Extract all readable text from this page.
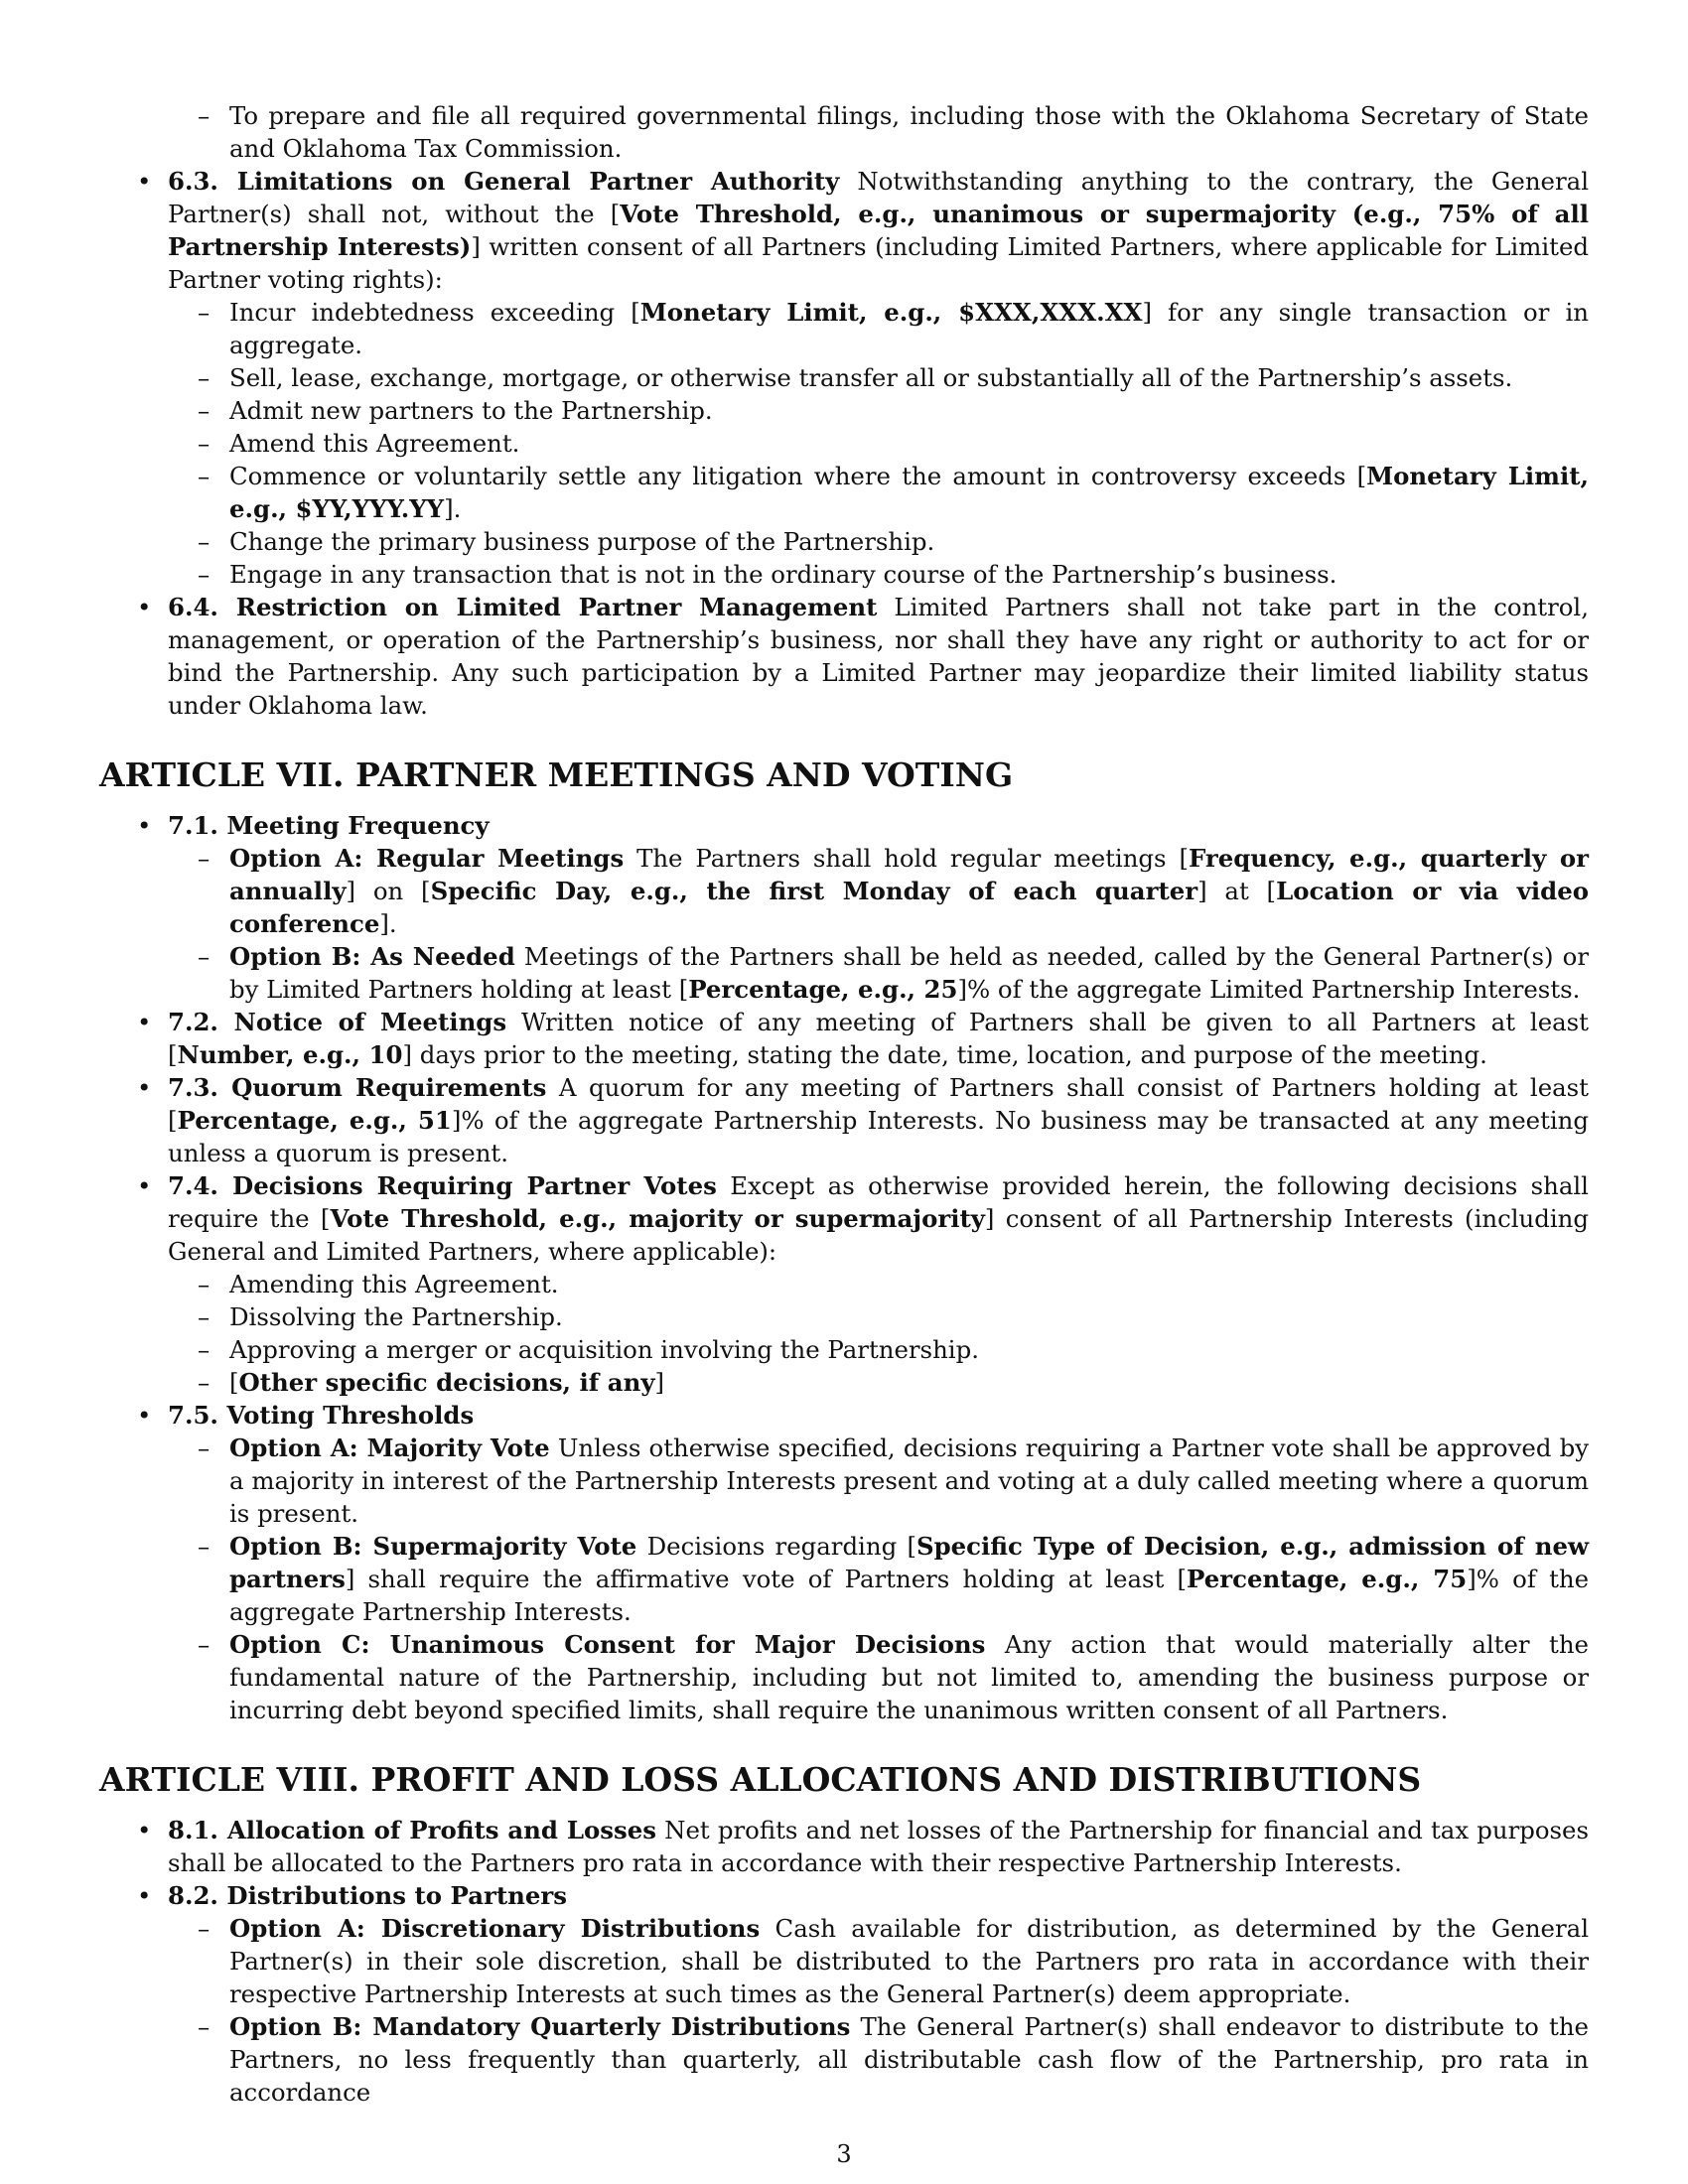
– To prepare and file all required governmental filings, including those with the Oklahoma Secretary of State and Oklahoma Tax Commission.
• 6.3. Limitations on General Partner Authority Notwithstanding anything to the contrary, the General Partner(s) shall not, without the [Vote Threshold, e.g., unanimous or supermajority (e.g., 75% of all Partnership Interests)] written consent of all Partners (including Limited Partners, where applicable for Limited Partner voting rights):
– Incur indebtedness exceeding [Monetary Limit, e.g., $XXX,XXX.XX] for any single transaction or in aggregate.
– Sell, lease, exchange, mortgage, or otherwise transfer all or substantially all of the Partnership’s assets.
– Admit new partners to the Partnership.
– Amend this Agreement.
– Commence or voluntarily settle any litigation where the amount in controversy exceeds [Monetary Limit, e.g., $YY,YYY.YY].
– Change the primary business purpose of the Partnership.
– Engage in any transaction that is not in the ordinary course of the Partnership’s business.
• 6.4. Restriction on Limited Partner Management Limited Partners shall not take part in the control, management, or operation of the Partnership’s business, nor shall they have any right or authority to act for or bind the Partnership. Any such participation by a Limited Partner may jeopardize their limited liability status under Oklahoma law.
ARTICLE VII. PARTNER MEETINGS AND VOTING
• 7.1. Meeting Frequency
– Option A: Regular Meetings The Partners shall hold regular meetings [Frequency, e.g., quarterly or annually] on [Specific Day, e.g., the first Monday of each quarter] at [Location or via video conference].
– Option B: As Needed Meetings of the Partners shall be held as needed, called by the General Partner(s) or by Limited Partners holding at least [Percentage, e.g., 25]% of the aggregate Limited Partnership Interests.
• 7.2. Notice of Meetings Written notice of any meeting of Partners shall be given to all Partners at least [Number, e.g., 10] days prior to the meeting, stating the date, time, location, and purpose of the meeting.
• 7.3. Quorum Requirements A quorum for any meeting of Partners shall consist of Partners holding at least [Percentage, e.g., 51]% of the aggregate Partnership Interests. No business may be transacted at any meeting unless a quorum is present.
• 7.4. Decisions Requiring Partner Votes Except as otherwise provided herein, the following decisions shall require the [Vote Threshold, e.g., majority or supermajority] consent of all Partnership Interests (including General and Limited Partners, where applicable):
– Amending this Agreement.
– Dissolving the Partnership.
– Approving a merger or acquisition involving the Partnership.
– [Other specific decisions, if any]
• 7.5. Voting Thresholds
– Option A: Majority Vote Unless otherwise specified, decisions requiring a Partner vote shall be approved by a majority in interest of the Partnership Interests present and voting at a duly called meeting where a quorum is present.
– Option B: Supermajority Vote Decisions regarding [Specific Type of Decision, e.g., admission of new partners] shall require the affirmative vote of Partners holding at least [Percentage, e.g., 75]% of the aggregate Partnership Interests.
– Option C: Unanimous Consent for Major Decisions Any action that would materially alter the fundamental nature of the Partnership, including but not limited to, amending the business purpose or incurring debt beyond specified limits, shall require the unanimous written consent of all Partners.
ARTICLE VIII. PROFIT AND LOSS ALLOCATIONS AND DISTRIBUTIONS
• 8.1. Allocation of Profits and Losses Net profits and net losses of the Partnership for financial and tax purposes shall be allocated to the Partners pro rata in accordance with their respective Partnership Interests.
• 8.2. Distributions to Partners
– Option A: Discretionary Distributions Cash available for distribution, as determined by the General Partner(s) in their sole discretion, shall be distributed to the Partners pro rata in accordance with their respective Partnership Interests at such times as the General Partner(s) deem appropriate.
– Option B: Mandatory Quarterly Distributions The General Partner(s) shall endeavor to distribute to the Partners, no less frequently than quarterly, all distributable cash flow of the Partnership, pro rata in accordance
3
